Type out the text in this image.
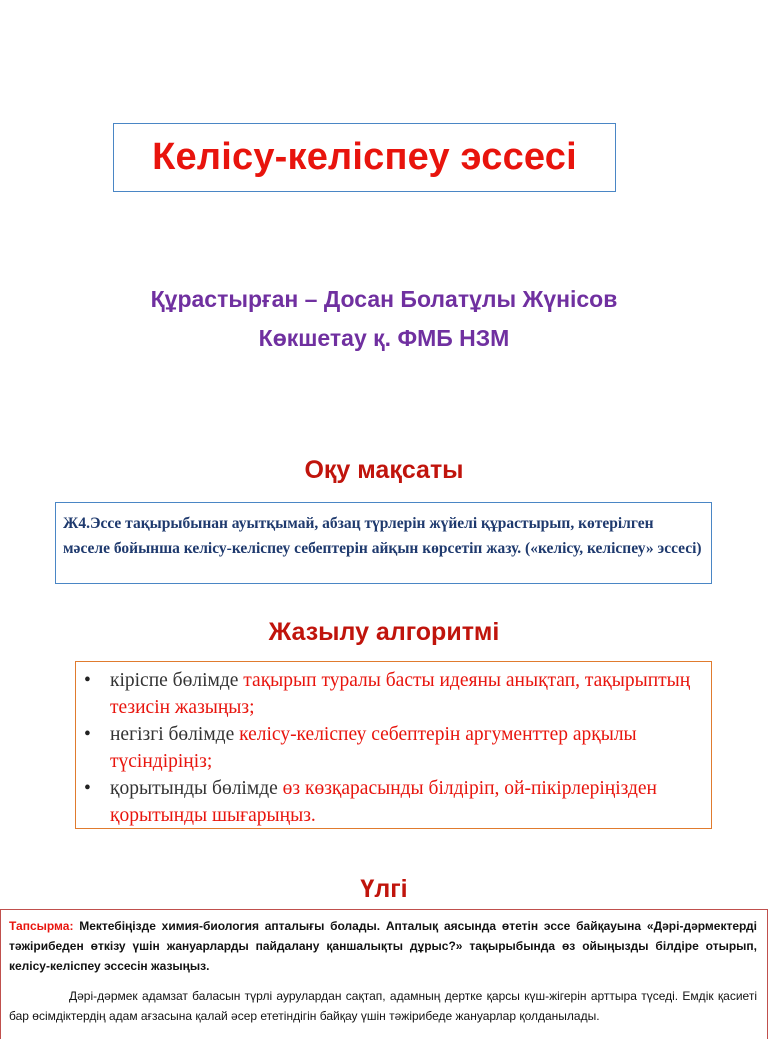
Келісу-келіспеу эссесі
Құрастырған – Досан Болатұлы Жүнісов
Көкшетау қ. ФМБ НЗМ
Оқу мақсаты
Ж4.Эссе тақырыбынан ауытқымай, абзац түрлерін жүйелі құрастырып, көтерілген мәселе бойынша келісу-келіспеу себептерін айқын көрсетіп жазу. («келісу, келіспеу» эссесі)
Жазылу алгоритмі
• кіріспе бөлімде тақырып туралы басты идеяны анықтап, тақырыптың тезисін жазыңыз;
• негізгі бөлімде келісу-келіспеу себептерін аргументтер арқылы түсіндіріңіз;
• қорытынды бөлімде өз көзқарасынды білдіріп, ой-пікірлеріңізден қорытынды шығарыңыз.
Үлгі

Тапсырма: Мектебіңізде химия-биология апталығы болады. Апталық аясында өтетін эссе байқауына «Дәрі-дәрмектерді тәжірибеден өткізу үшін жануарларды пайдалану қаншалықты дұрыс?» тақырыбында өз ойыңызды білдіре отырып, келісу-келіспеу эссесін жазыңыз.

Дәрі-дәрмек адамзат баласын түрлі аурулардан сақтап, адамның дертке қарсы күш-жігерін арттыра түседі. Емдік қасиеті бар өсімдіктердің адам ағзасына қалай әсер ететіндігін байқау үшін тәжірибеде жануарлар қолданылады.
